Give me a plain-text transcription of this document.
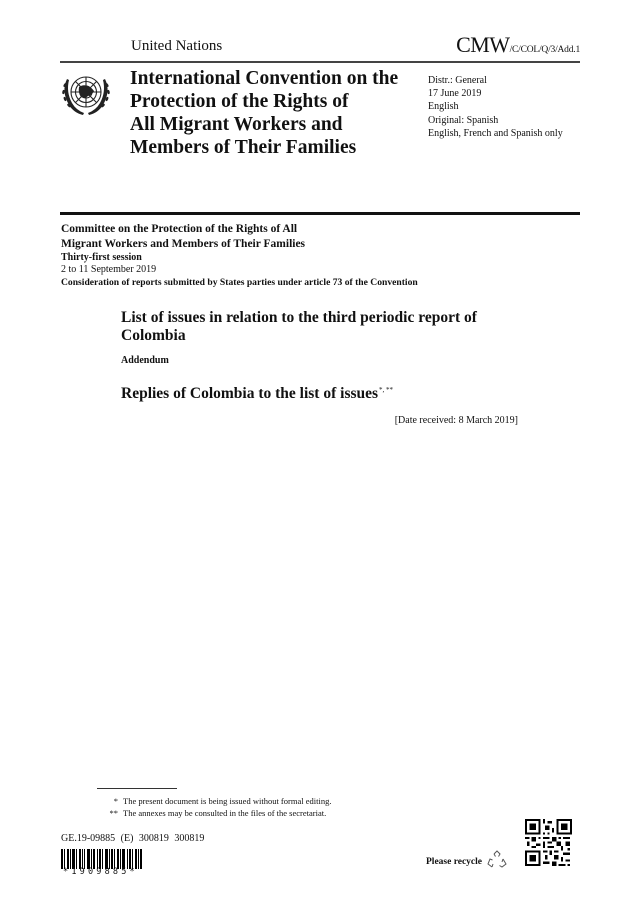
United Nations	CMW/C/COL/Q/3/Add.1
International Convention on the
Protection of the Rights of
All Migrant Workers and
Members of Their Families
Distr.: General
17 June 2019
English
Original: Spanish
English, French and Spanish only
Committee on the Protection of the Rights of All
Migrant Workers and Members of Their Families
Thirty-first session
2 to 11 September 2019
Consideration of reports submitted by States parties under article 73 of the Convention
List of issues in relation to the third periodic report of
Colombia
Addendum
Replies of Colombia to the list of issues*, **
[Date received: 8 March 2019]
* The present document is being issued without formal editing.
** The annexes may be consulted in the files of the secretariat.
GE.19-09885 (E) 300819 300819
*1909885*
Please recycle
